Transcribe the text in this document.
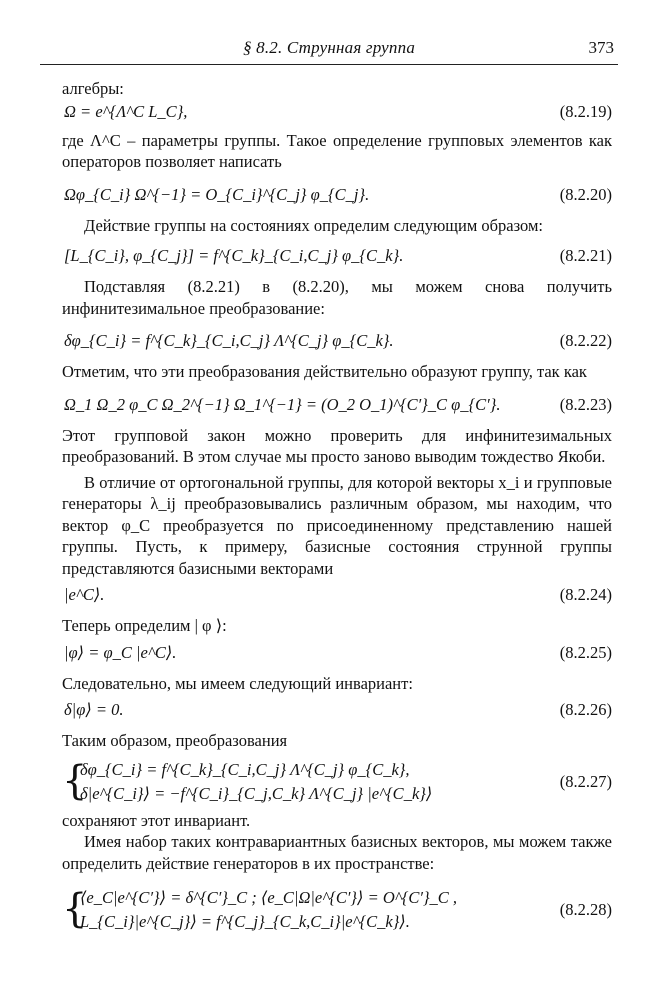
§ 8.2. Струнная группа	373
алгебры:
Ω = e^{Λ^C L_C},	(8.2.19)
где Λ^C – параметры группы. Такое определение групповых элементов как операторов позволяет написать
Ωφ_{C_i} Ω^{−1} = O_{C_i}^{C_j} φ_{C_j}.	(8.2.20)
Действие группы на состояниях определим следующим образом:
[L_{C_i}, φ_{C_j}] = f^{C_k}_{C_i,C_j} φ_{C_k}.	(8.2.21)
Подставляя (8.2.21) в (8.2.20), мы можем снова получить инфинитезимальное преобразование:
δφ_{C_i} = f^{C_k}_{C_i,C_j} Λ^{C_j} φ_{C_k}.	(8.2.22)
Отметим, что эти преобразования действительно образуют группу, так как
Ω_1 Ω_2 φ_C Ω_2^{−1} Ω_1^{−1} = (O_2 O_1)^{C′}_C φ_{C′}.	(8.2.23)
Этот групповой закон можно проверить для инфинитезимальных преобразований. В этом случае мы просто заново выводим тождество Якоби.
В отличие от ортогональной группы, для которой векторы x_i и групповые генераторы λ_ij преобразовывались различным образом, мы находим, что вектор φ_C преобразуется по присоединенному представлению нашей группы. Пусть, к примеру, базисные состояния струнной группы представляются базисными векторами
|e^C⟩.	(8.2.24)
Теперь определим | φ ⟩:
|φ⟩ = φ_C |e^C⟩.	(8.2.25)
Следовательно, мы имеем следующий инвариант:
δ|φ⟩ = 0.	(8.2.26)
Таким образом, преобразования
{
δφ_{C_i} = f^{C_k}_{C_i,C_j} Λ^{C_j} φ_{C_k},
δ|e^{C_i}⟩ = −f^{C_i}_{C_j,C_k} Λ^{C_j} |e^{C_k}⟩
(8.2.27)
сохраняют этот инвариант.
Имея набор таких контравариантных базисных векторов, мы можем также определить действие генераторов в их пространстве:
{
⟨e_C|e^{C′}⟩ = δ^{C′}_C ; ⟨e_C|Ω|e^{C′}⟩ = O^{C′}_C ,
L_{C_i}|e^{C_j}⟩ = f^{C_j}_{C_k,C_i}|e^{C_k}⟩.
(8.2.28)
